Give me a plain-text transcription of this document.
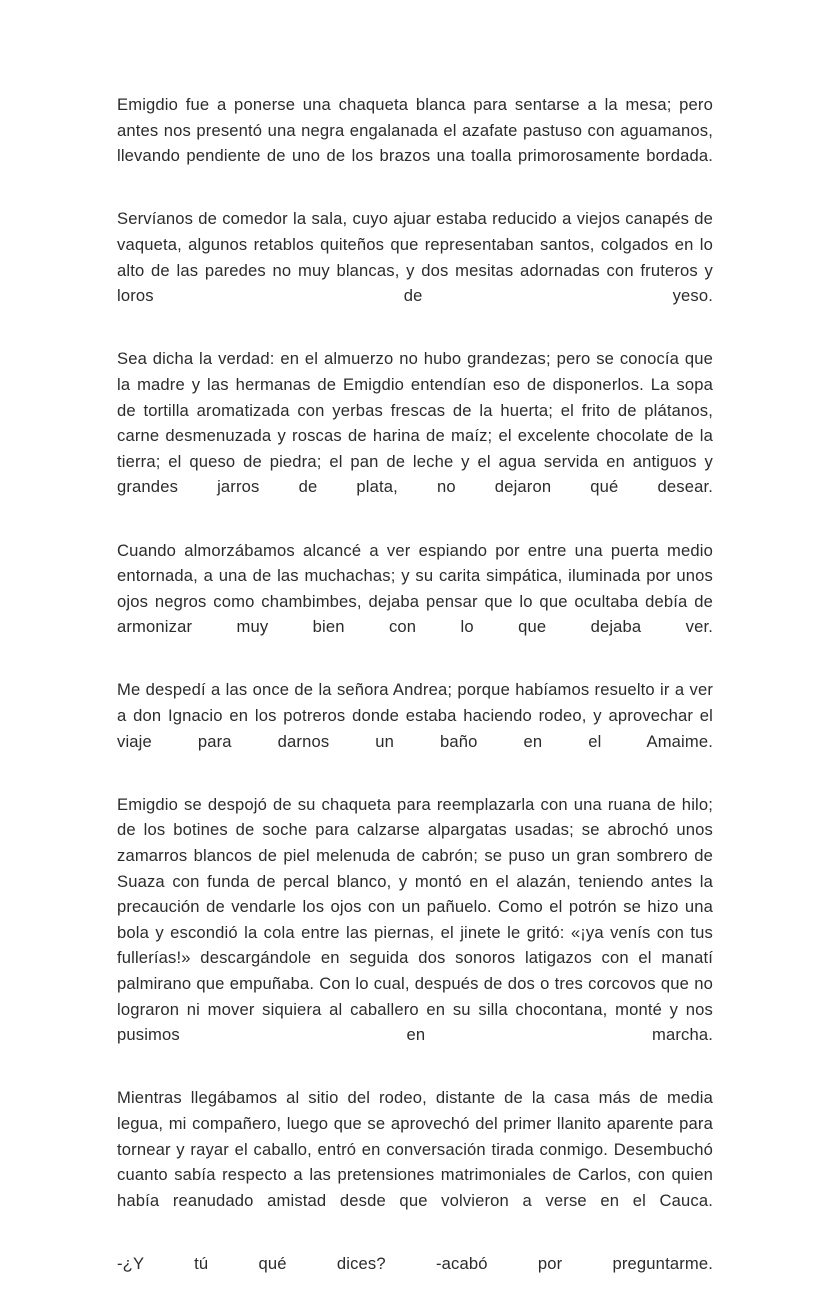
Emigdio fue a ponerse una chaqueta blanca para sentarse a la mesa; pero antes nos presentó una negra engalanada el azafate pastuso con aguamanos, llevando pendiente de uno de los brazos una toalla primorosamente bordada.

Servíanos de comedor la sala, cuyo ajuar estaba reducido a viejos canapés de vaqueta, algunos retablos quiteños que representaban santos, colgados en lo alto de las paredes no muy blancas, y dos mesitas adornadas con fruteros y loros de yeso.

Sea dicha la verdad: en el almuerzo no hubo grandezas; pero se conocía que la madre y las hermanas de Emigdio entendían eso de disponerlos. La sopa de tortilla aromatizada con yerbas frescas de la huerta; el frito de plátanos, carne desmenuzada y roscas de harina de maíz; el excelente chocolate de la tierra; el queso de piedra; el pan de leche y el agua servida en antiguos y grandes jarros de plata, no dejaron qué desear.

Cuando almorzábamos alcancé a ver espiando por entre una puerta medio entornada, a una de las muchachas; y su carita simpática, iluminada por unos ojos negros como chambimbes, dejaba pensar que lo que ocultaba debía de armonizar muy bien con lo que dejaba ver.

Me despedí a las once de la señora Andrea; porque habíamos resuelto ir a ver a don Ignacio en los potreros donde estaba haciendo rodeo, y aprovechar el viaje para darnos un baño en el Amaime.

Emigdio se despojó de su chaqueta para reemplazarla con una ruana de hilo; de los botines de soche para calzarse alpargatas usadas; se abrochó unos zamarros blancos de piel melenuda de cabrón; se puso un gran sombrero de Suaza con funda de percal blanco, y montó en el alazán, teniendo antes la precaución de vendarle los ojos con un pañuelo. Como el potrón se hizo una bola y escondió la cola entre las piernas, el jinete le gritó: «¡ya venís con tus fullerías!» descargándole en seguida dos sonoros latigazos con el manatí palmirano que empuñaba. Con lo cual, después de dos o tres corcovos que no lograron ni mover siquiera al caballero en su silla chocontana, monté y nos pusimos en marcha.

Mientras llegábamos al sitio del rodeo, distante de la casa más de media legua, mi compañero, luego que se aprovechó del primer llanito aparente para tornear y rayar el caballo, entró en conversación tirada conmigo. Desembuchó cuanto sabía respecto a las pretensiones matrimoniales de Carlos, con quien había reanudado amistad desde que volvieron a verse en el Cauca.

-¿Y tú qué dices? -acabó por preguntarme.
